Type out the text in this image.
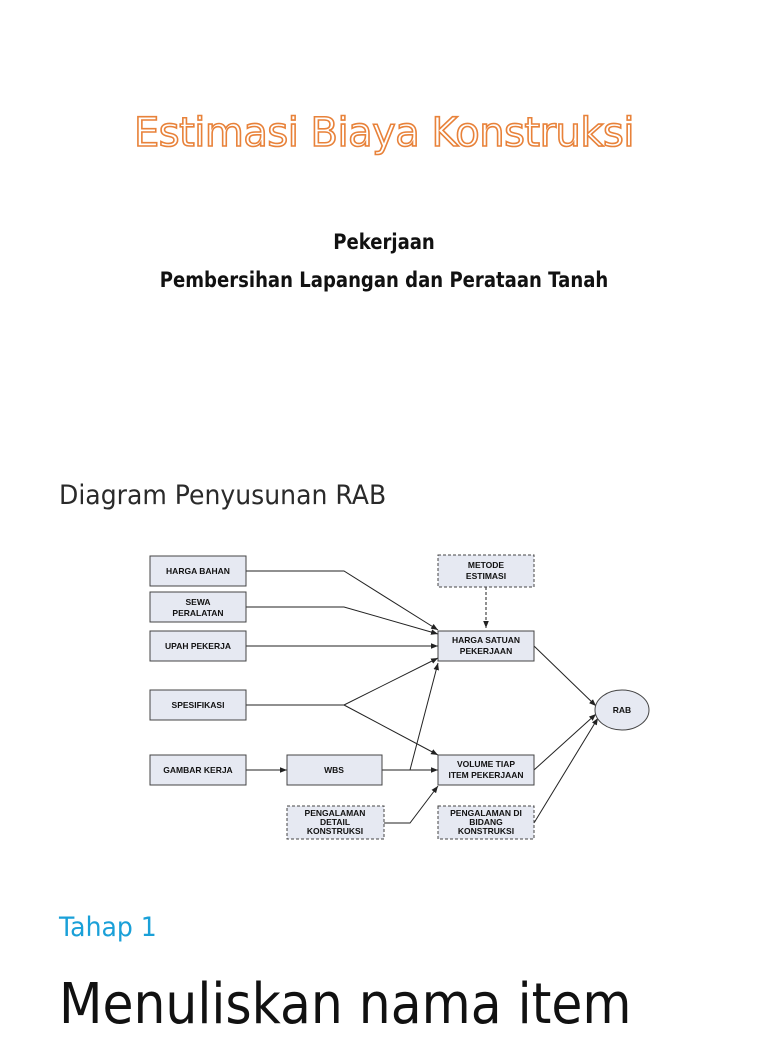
Estimasi Biaya Konstruksi
Pekerjaan
Pembersihan Lapangan dan Perataan Tanah
Diagram Penyusunan RAB
HARGA BAHAN
SEWA
PERALATAN
UPAH PEKERJA
SPESIFIKASI
GAMBAR KERJA	WBS
PENGALAMAN
DETAIL
KONSTRUKSI
METODE
ESTIMASI
HARGA SATUAN
PEKERJAAN
VOLUME TIAP
ITEM PEKERJAAN
PENGALAMAN DI
BIDANG
KONSTRUKSI
RAB
Tahap 1
Menuliskan nama item
